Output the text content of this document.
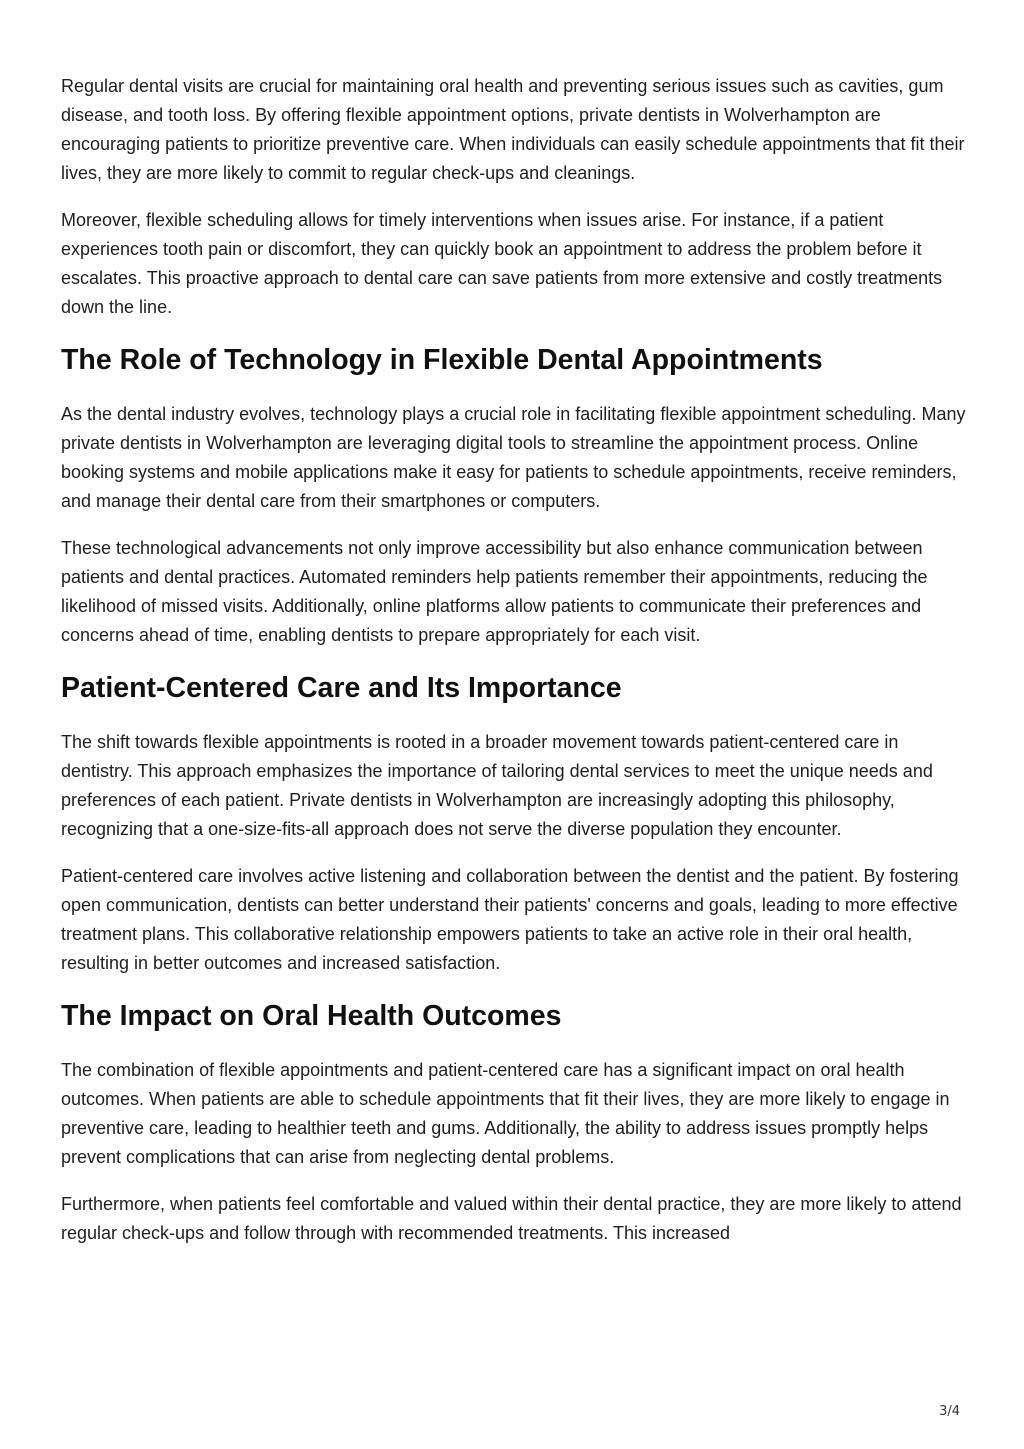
Regular dental visits are crucial for maintaining oral health and preventing serious issues such as cavities, gum disease, and tooth loss. By offering flexible appointment options, private dentists in Wolverhampton are encouraging patients to prioritize preventive care. When individuals can easily schedule appointments that fit their lives, they are more likely to commit to regular check-ups and cleanings.

Moreover, flexible scheduling allows for timely interventions when issues arise. For instance, if a patient experiences tooth pain or discomfort, they can quickly book an appointment to address the problem before it escalates. This proactive approach to dental care can save patients from more extensive and costly treatments down the line.

The Role of Technology in Flexible Dental Appointments

As the dental industry evolves, technology plays a crucial role in facilitating flexible appointment scheduling. Many private dentists in Wolverhampton are leveraging digital tools to streamline the appointment process. Online booking systems and mobile applications make it easy for patients to schedule appointments, receive reminders, and manage their dental care from their smartphones or computers.

These technological advancements not only improve accessibility but also enhance communication between patients and dental practices. Automated reminders help patients remember their appointments, reducing the likelihood of missed visits. Additionally, online platforms allow patients to communicate their preferences and concerns ahead of time, enabling dentists to prepare appropriately for each visit.

Patient-Centered Care and Its Importance

The shift towards flexible appointments is rooted in a broader movement towards patient-centered care in dentistry. This approach emphasizes the importance of tailoring dental services to meet the unique needs and preferences of each patient. Private dentists in Wolverhampton are increasingly adopting this philosophy, recognizing that a one-size-fits-all approach does not serve the diverse population they encounter.

Patient-centered care involves active listening and collaboration between the dentist and the patient. By fostering open communication, dentists can better understand their patients' concerns and goals, leading to more effective treatment plans. This collaborative relationship empowers patients to take an active role in their oral health, resulting in better outcomes and increased satisfaction.

The Impact on Oral Health Outcomes

The combination of flexible appointments and patient-centered care has a significant impact on oral health outcomes. When patients are able to schedule appointments that fit their lives, they are more likely to engage in preventive care, leading to healthier teeth and gums. Additionally, the ability to address issues promptly helps prevent complications that can arise from neglecting dental problems.

Furthermore, when patients feel comfortable and valued within their dental practice, they are more likely to attend regular check-ups and follow through with recommended treatments. This increased

3/4
